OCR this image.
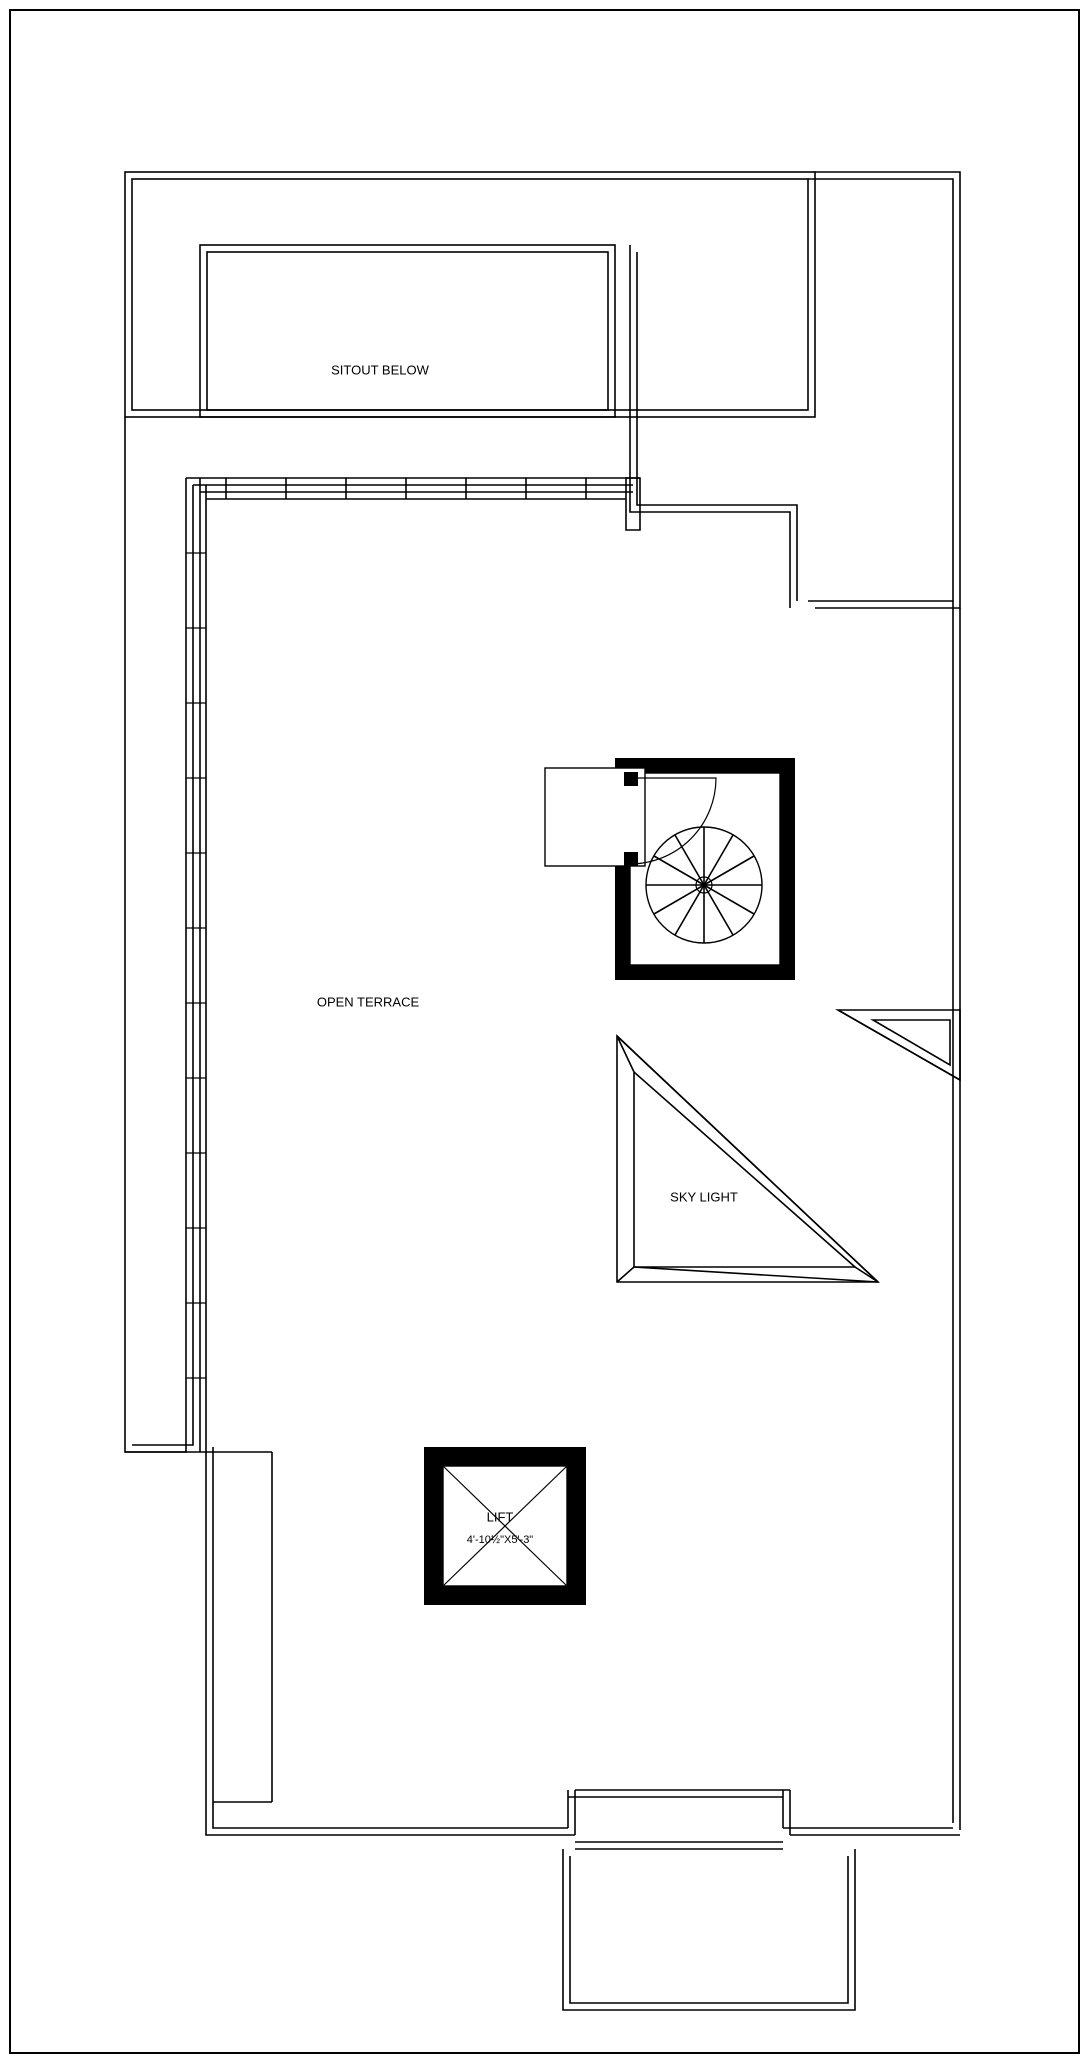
SITOUT BELOW
OPEN TERRACE
SKY LIGHT
LIFT
4'-10½"X5'-3"
